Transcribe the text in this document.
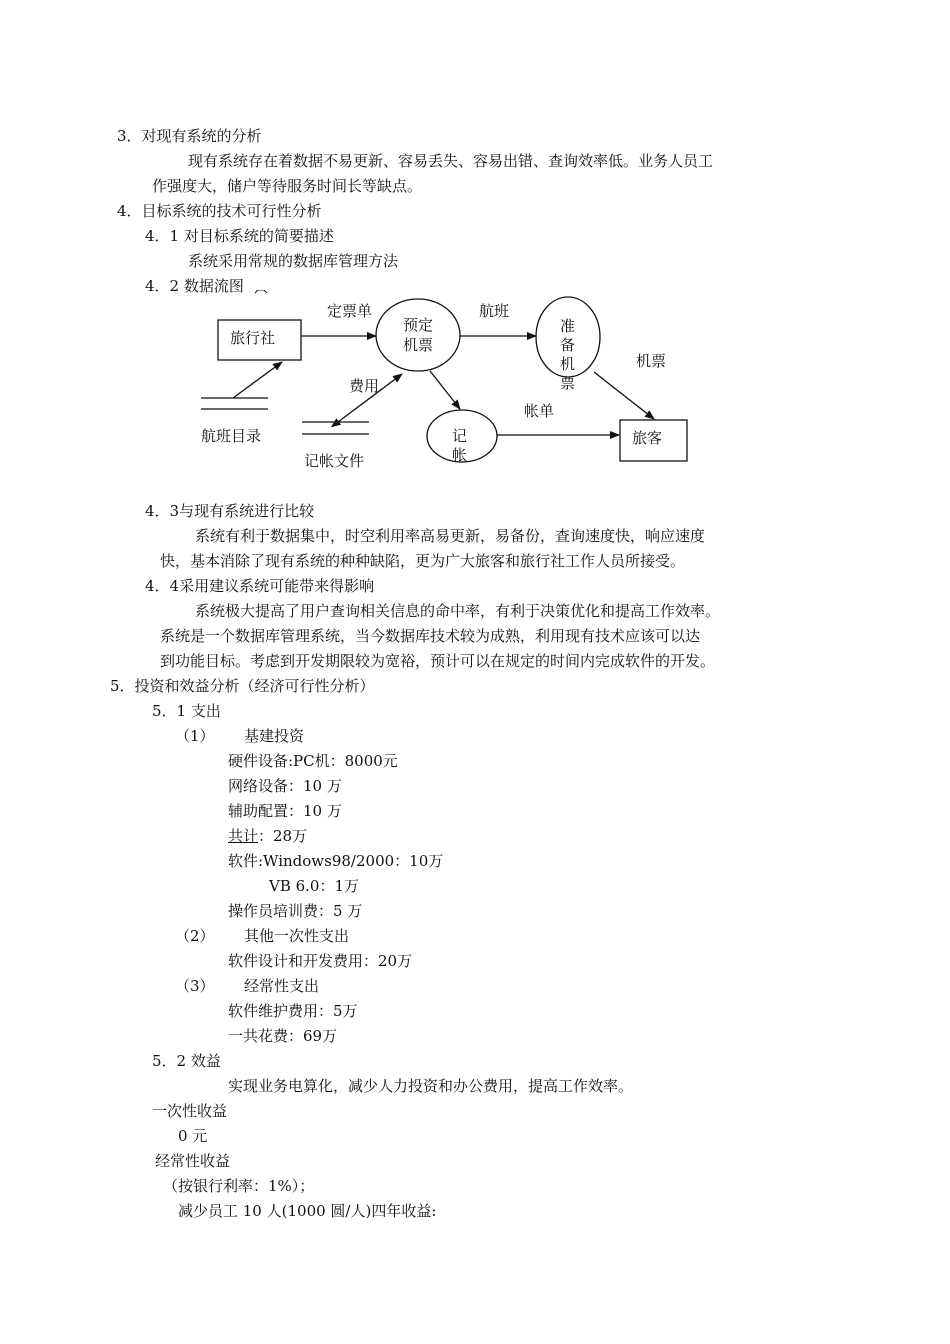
3．对现有系统的分析
现有系统存在着数据不易更新、容易丢失、容易出错、查询效率低。业务人员工
作强度大，储户等待服务时间长等缺点。
4．目标系统的技术可行性分析
4．1 对目标系统的简要描述
系统采用常规的数据库管理方法
4．2 数据流图
旅行社
定票单
预定
机票
航班
准
备
机
票
机票
航班目录
费用
记
帐
帐单
旅客
记帐文件
4．3与现有系统进行比较
系统有利于数据集中，时空利用率高易更新，易备份，查询速度快，响应速度
快，基本消除了现有系统的种种缺陷，更为广大旅客和旅行社工作人员所接受。
4．4采用建议系统可能带来得影响
系统极大提高了用户查询相关信息的命中率，有利于决策优化和提高工作效率。
系统是一个数据库管理系统，当今数据库技术较为成熟，利用现有技术应该可以达
到功能目标。考虑到开发期限较为宽裕，预计可以在规定的时间内完成软件的开发。
5．投资和效益分析（经济可行性分析）
5．1 支出
（1） 基建投资
硬件设备:PC机：8000元
网络设备：10 万
辅助配置：10 万
共计：28万
软件:Windows98/2000：10万
VB 6.0：1万
操作员培训费：5 万
（2） 其他一次性支出
软件设计和开发费用：20万
（3） 经常性支出
软件维护费用：5万
一共花费：69万
5．2 效益
实现业务电算化，减少人力投资和办公费用，提高工作效率。
一次性收益
0 元
经常性收益
（按银行利率：1%）；
减少员工 10 人(1000 圆/人)四年收益:
